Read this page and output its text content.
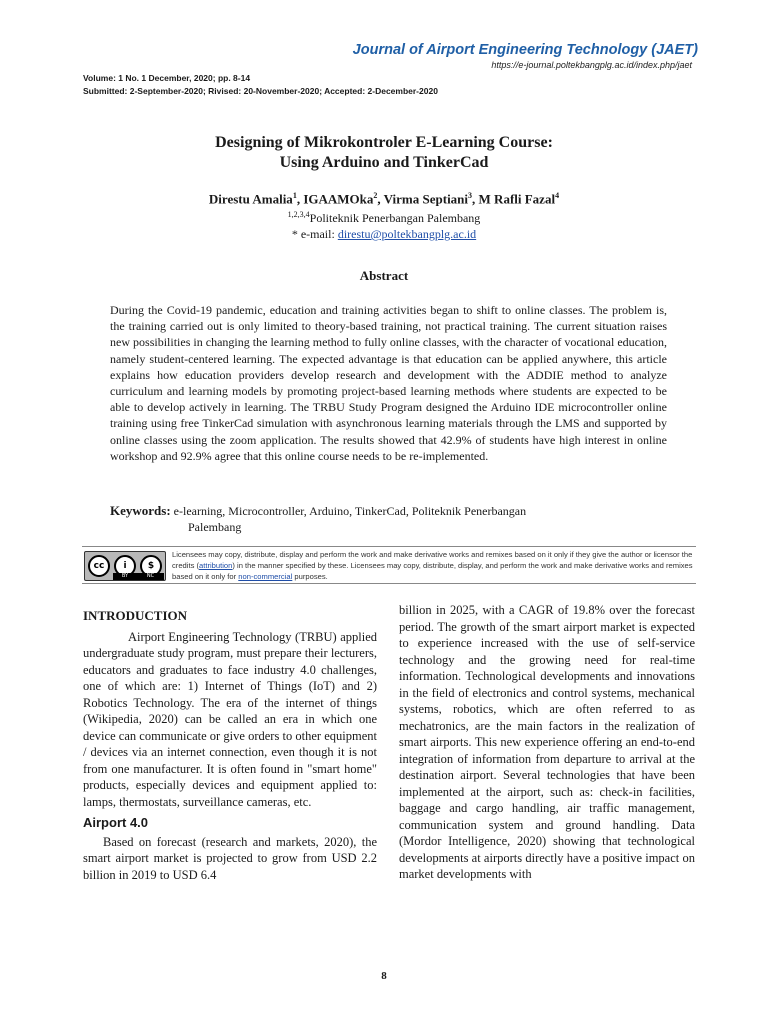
Journal of Airport Engineering Technology (JAET)
https://e-journal.poltekbangplg.ac.id/index.php/jaet
Volume: 1 No. 1 December, 2020; pp. 8-14
Submitted: 2-September-2020; Rivised: 20-November-2020; Accepted: 2-December-2020
Designing of Mikrokontroler E-Learning Course:
Using Arduino and TinkerCad
Direstu Amalia$^1$, IGAAMOka$^2$, Virma Septiani$^3$, M Rafli Fazal$^4$
$^{1,2,3,4}$Politeknik Penerbangan Palembang
* e-mail: direstu@poltekbangplg.ac.id
Abstract

During the Covid-19 pandemic, education and training activities began to shift to online classes. The problem is, the training carried out is only limited to theory-based training, not practical training. The current situation raises new possibilities in changing the learning method to fully online classes, with the character of vocational education, namely student-centered learning. The expected advantage is that education can be applied anywhere, this article explains how education providers develop research and development with the ADDIE method to analyze curriculum and learning models by promoting project-based learning methods where students are expected to be able to develop actively in learning. The TRBU Study Program designed the Arduino IDE microcontroller online training using free TinkerCad simulation with asynchronous learning materials through the LMS and supported by online classes using the zoom application. The results showed that 42.9% of students have high interest in online workshop and 92.9% agree that this online course needs to be re-implemented.

Keywords: e-learning, Microcontroller, Arduino, TinkerCad, Politeknik Penerbangan
Palembang
cc	i	$
BY	NC
Licensees may copy, distribute, display and perform the work and make derivative works and remixes based on it only if they give the author or licensor the credits (attribution) in the manner specified by these. Licensees may copy, distribute, display, and perform the work and make derivative works and remixes based on it only for non-commercial purposes.
INTRODUCTION

Airport Engineering Technology (TRBU) applied undergraduate study program, must prepare their lecturers, educators and graduates to face industry 4.0 challenges, one of which are: 1) Internet of Things (IoT) and 2) Robotics Technology. The era of the internet of things (Wikipedia, 2020) can be called an era in which one device can communicate or give orders to other equipment / devices via an internet connection, even though it is not from one manufacturer. It is often found in "smart home" products, especially devices and equipment applied to: lamps, thermostats, surveillance cameras, etc.

Airport 4.0

Based on forecast (research and markets, 2020), the smart airport market is projected to grow from USD 2.2 billion in 2019 to USD 6.4

billion in 2025, with a CAGR of 19.8% over the forecast period. The growth of the smart airport market is expected to experience increased with the use of self-service technology and the growing need for real-time information. Technological developments and innovations in the field of electronics and control systems, mechanical systems, robotics, which are often referred to as mechatronics, are the main factors in the realization of smart airports. This new experience offering an end-to-end integration of information from departure to arrival at the destination airport. Several technologies that have been implemented at the airport, such as: check-in facilities, baggage and cargo handling, air traffic management, communication system and ground handling. Data (Mordor Intelligence, 2020) showing that technological developments at airports directly have a positive impact on market developments with

8
